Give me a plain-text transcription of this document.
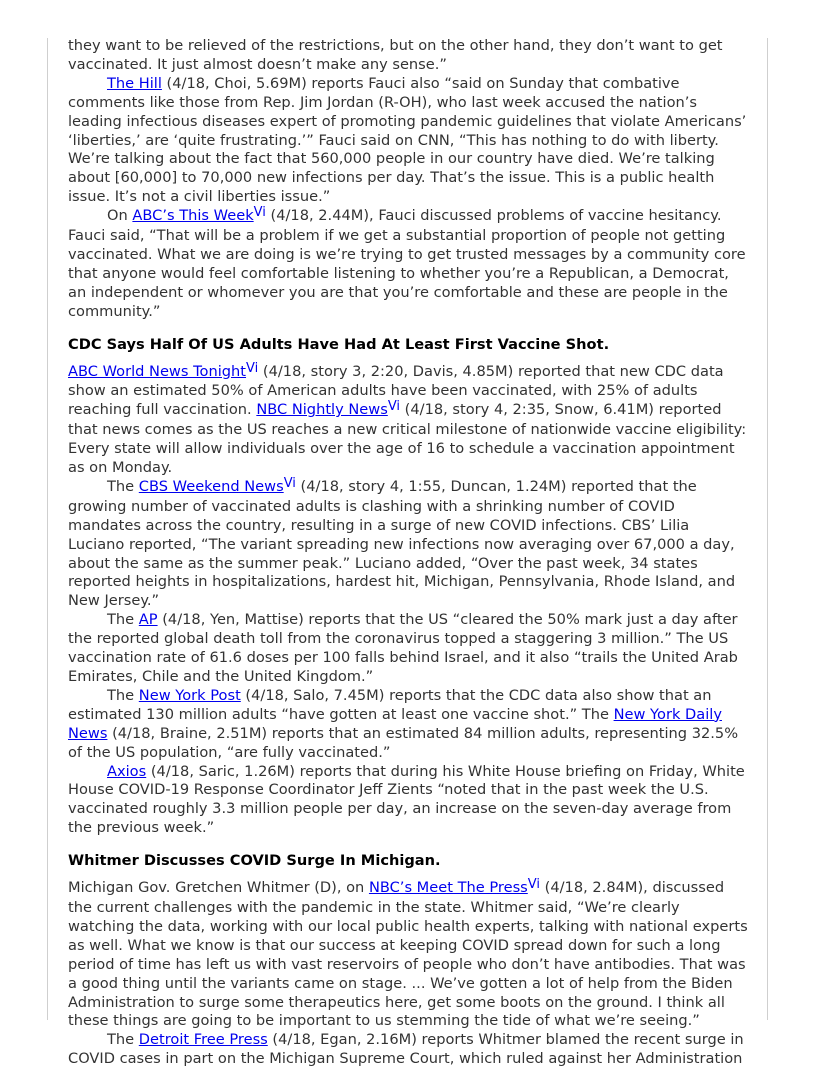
they want to be relieved of the restrictions, but on the other hand, they don’t want to get vaccinated. It just almost doesn’t make any sense.”

The Hill (4/18, Choi, 5.69M) reports Fauci also “said on Sunday that combative comments like those from Rep. Jim Jordan (R-OH), who last week accused the nation’s leading infectious diseases expert of promoting pandemic guidelines that violate Americans’ ‘liberties,’ are ‘quite frustrating.’” Fauci said on CNN, “This has nothing to do with liberty. We’re talking about the fact that 560,000 people in our country have died. We’re talking about [60,000] to 70,000 new infections per day. That’s the issue. This is a public health issue. It’s not a civil liberties issue.”

On ABC’s This WeekVi (4/18, 2.44M), Fauci discussed problems of vaccine hesitancy. Fauci said, “That will be a problem if we get a substantial proportion of people not getting vaccinated. What we are doing is we’re trying to get trusted messages by a community core that anyone would feel comfortable listening to whether you’re a Republican, a Democrat, an independent or whomever you are that you’re comfortable and these are people in the community.”

CDC Says Half Of US Adults Have Had At Least First Vaccine Shot.

ABC World News TonightVi (4/18, story 3, 2:20, Davis, 4.85M) reported that new CDC data show an estimated 50% of American adults have been vaccinated, with 25% of adults reaching full vaccination. NBC Nightly NewsVi (4/18, story 4, 2:35, Snow, 6.41M) reported that news comes as the US reaches a new critical milestone of nationwide vaccine eligibility: Every state will allow individuals over the age of 16 to schedule a vaccination appointment as on Monday.

The CBS Weekend NewsVi (4/18, story 4, 1:55, Duncan, 1.24M) reported that the growing number of vaccinated adults is clashing with a shrinking number of COVID mandates across the country, resulting in a surge of new COVID infections. CBS’ Lilia Luciano reported, “The variant spreading new infections now averaging over 67,000 a day, about the same as the summer peak.” Luciano added, “Over the past week, 34 states reported heights in hospitalizations, hardest hit, Michigan, Pennsylvania, Rhode Island, and New Jersey.”

The AP (4/18, Yen, Mattise) reports that the US “cleared the 50% mark just a day after the reported global death toll from the coronavirus topped a staggering 3 million.” The US vaccination rate of 61.6 doses per 100 falls behind Israel, and it also “trails the United Arab Emirates, Chile and the United Kingdom.”

The New York Post (4/18, Salo, 7.45M) reports that the CDC data also show that an estimated 130 million adults “have gotten at least one vaccine shot.” The New York Daily News (4/18, Braine, 2.51M) reports that an estimated 84 million adults, representing 32.5% of the US population, “are fully vaccinated.”

Axios (4/18, Saric, 1.26M) reports that during his White House briefing on Friday, White House COVID-19 Response Coordinator Jeff Zients “noted that in the past week the U.S. vaccinated roughly 3.3 million people per day, an increase on the seven-day average from the previous week.”

Whitmer Discusses COVID Surge In Michigan.

Michigan Gov. Gretchen Whitmer (D), on NBC’s Meet The PressVi (4/18, 2.84M), discussed the current challenges with the pandemic in the state. Whitmer said, “We’re clearly watching the data, working with our local public health experts, talking with national experts as well. What we know is that our success at keeping COVID spread down for such a long period of time has left us with vast reservoirs of people who don’t have antibodies. That was a good thing until the variants came on stage. ... We’ve gotten a lot of help from the Biden Administration to surge some therapeutics here, get some boots on the ground. I think all these things are going to be important to us stemming the tide of what we’re seeing.”

The Detroit Free Press (4/18, Egan, 2.16M) reports Whitmer blamed the recent surge in COVID cases in part on the Michigan Supreme Court, which ruled against her Administration
